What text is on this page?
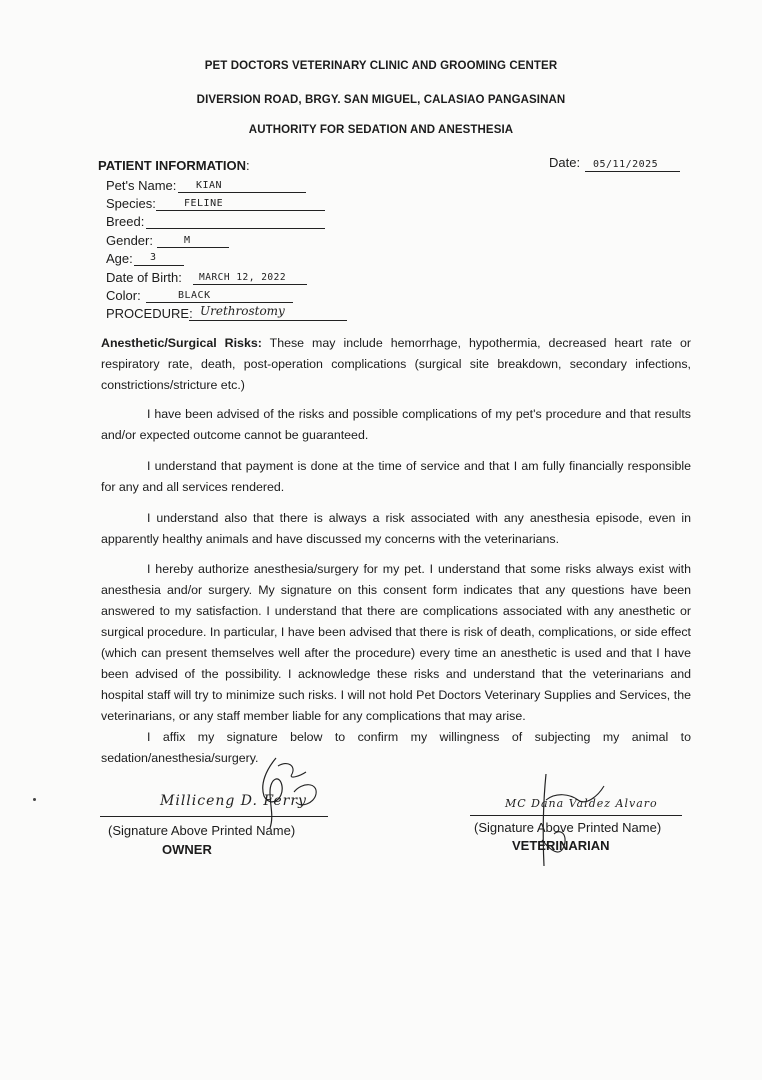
PET DOCTORS VETERINARY CLINIC AND GROOMING CENTER
DIVERSION ROAD, BRGY. SAN MIGUEL, CALASIAO PANGASINAN
AUTHORITY FOR SEDATION AND ANESTHESIA
PATIENT INFORMATION:	Date: 05/11/2025
Pet's Name: KIAN
Species:	FELINE
Breed:
Gender:	M
Age: 3
Date of Birth: MARCH 12, 2022
Color:	BLACK
PROCEDURE: Urethrostomy
Anesthetic/Surgical Risks: These may include hemorrhage, hypothermia, decreased heart rate or respiratory rate, death, post-operation complications (surgical site breakdown, secondary infections, constrictions/stricture etc.)
I have been advised of the risks and possible complications of my pet's procedure and that results and/or expected outcome cannot be guaranteed.
I understand that payment is done at the time of service and that I am fully financially responsible for any and all services rendered.
I understand also that there is always a risk associated with any anesthesia episode, even in apparently healthy animals and have discussed my concerns with the veterinarians.
I hereby authorize anesthesia/surgery for my pet. I understand that some risks always exist with anesthesia and/or surgery. My signature on this consent form indicates that any questions have been answered to my satisfaction. I understand that there are complications associated with any anesthetic or surgical procedure. In particular, I have been advised that there is risk of death, complications, or side effect (which can present themselves well after the procedure) every time an anesthetic is used and that I have been advised of the possibility. I acknowledge these risks and understand that the veterinarians and hospital staff will try to minimize such risks. I will not hold Pet Doctors Veterinary Supplies and Services, the veterinarians, or any staff member liable for any complications that may arise.
I affix my signature below to confirm my willingness of subjecting my animal to sedation/anesthesia/surgery.
Milliceng D. Ferry
(Signature Above Printed Name)
OWNER
MC Dana Valdez Alvaro
(Signature Above Printed Name)
VETERINARIAN
